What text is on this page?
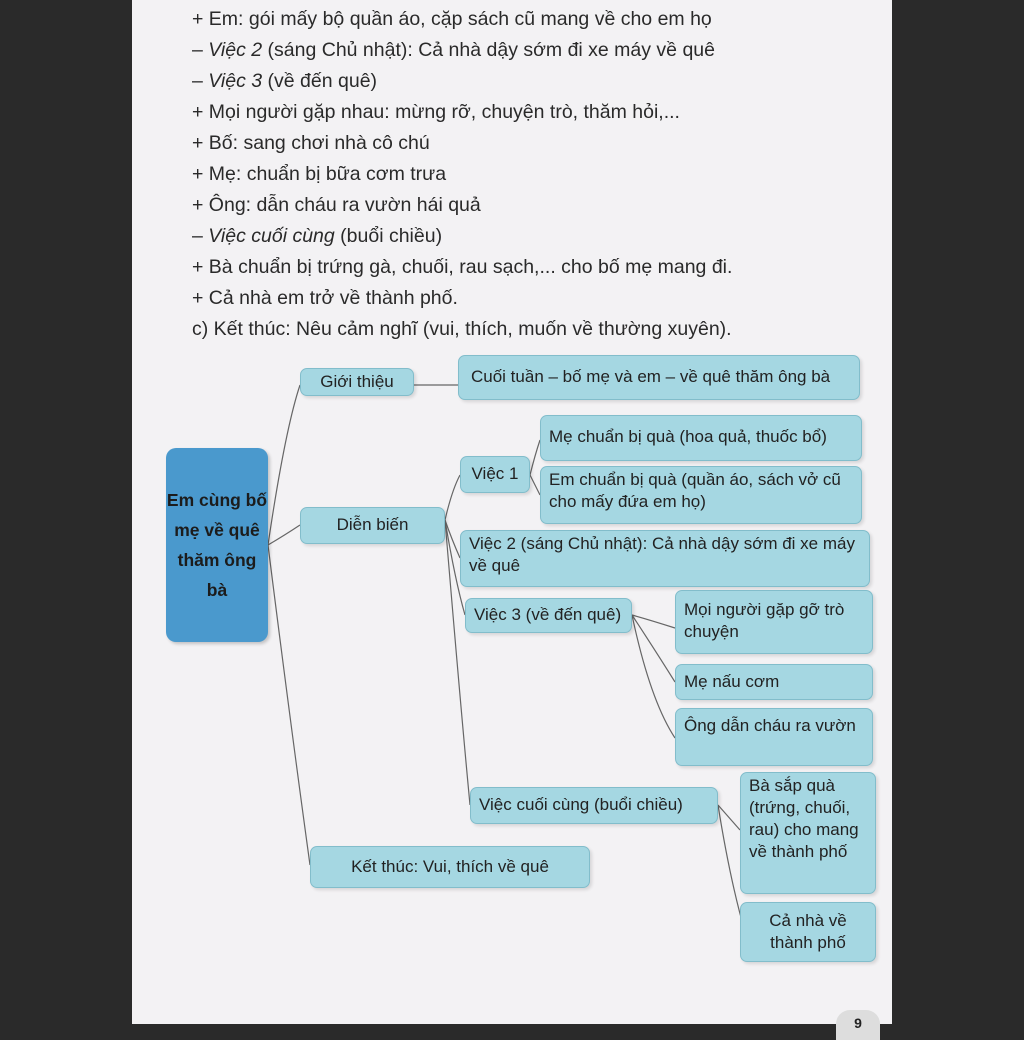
+ Em: gói mấy bộ quần áo, cặp sách cũ mang về cho em họ
– Việc 2 (sáng Chủ nhật): Cả nhà dậy sớm đi xe máy về quê
– Việc 3 (về đến quê)
+ Mọi người gặp nhau: mừng rỡ, chuyện trò, thăm hỏi,...
+ Bố: sang chơi nhà cô chú
+ Mẹ: chuẩn bị bữa cơm trưa
+ Ông: dẫn cháu ra vườn hái quả
– Việc cuối cùng (buổi chiều)
+ Bà chuẩn bị trứng gà, chuối, rau sạch,... cho bố mẹ mang đi.
+ Cả nhà em trở về thành phố.
c) Kết thúc: Nêu cảm nghĩ (vui, thích, muốn về thường xuyên).
Em cùng bố mẹ về quê thăm ông bà
Giới thiệu	Cuối tuần – bố mẹ và em – về quê thăm ông bà
Diễn biến
Việc 1
Mẹ chuẩn bị quà (hoa quả, thuốc bổ)
Em chuẩn bị quà (quần áo, sách vở cũ cho mấy đứa em họ)
Việc 2 (sáng Chủ nhật): Cả nhà dậy sớm đi xe máy về quê
Việc 3 (về đến quê)	Mọi người gặp gỡ trò chuyện
Mẹ nấu cơm
Ông dẫn cháu ra vườn
Việc cuối cùng (buổi chiều)
Bà sắp quà (trứng, chuối, rau) cho mang về thành phố
Cả nhà về thành phố
Kết thúc: Vui, thích về quê
9
